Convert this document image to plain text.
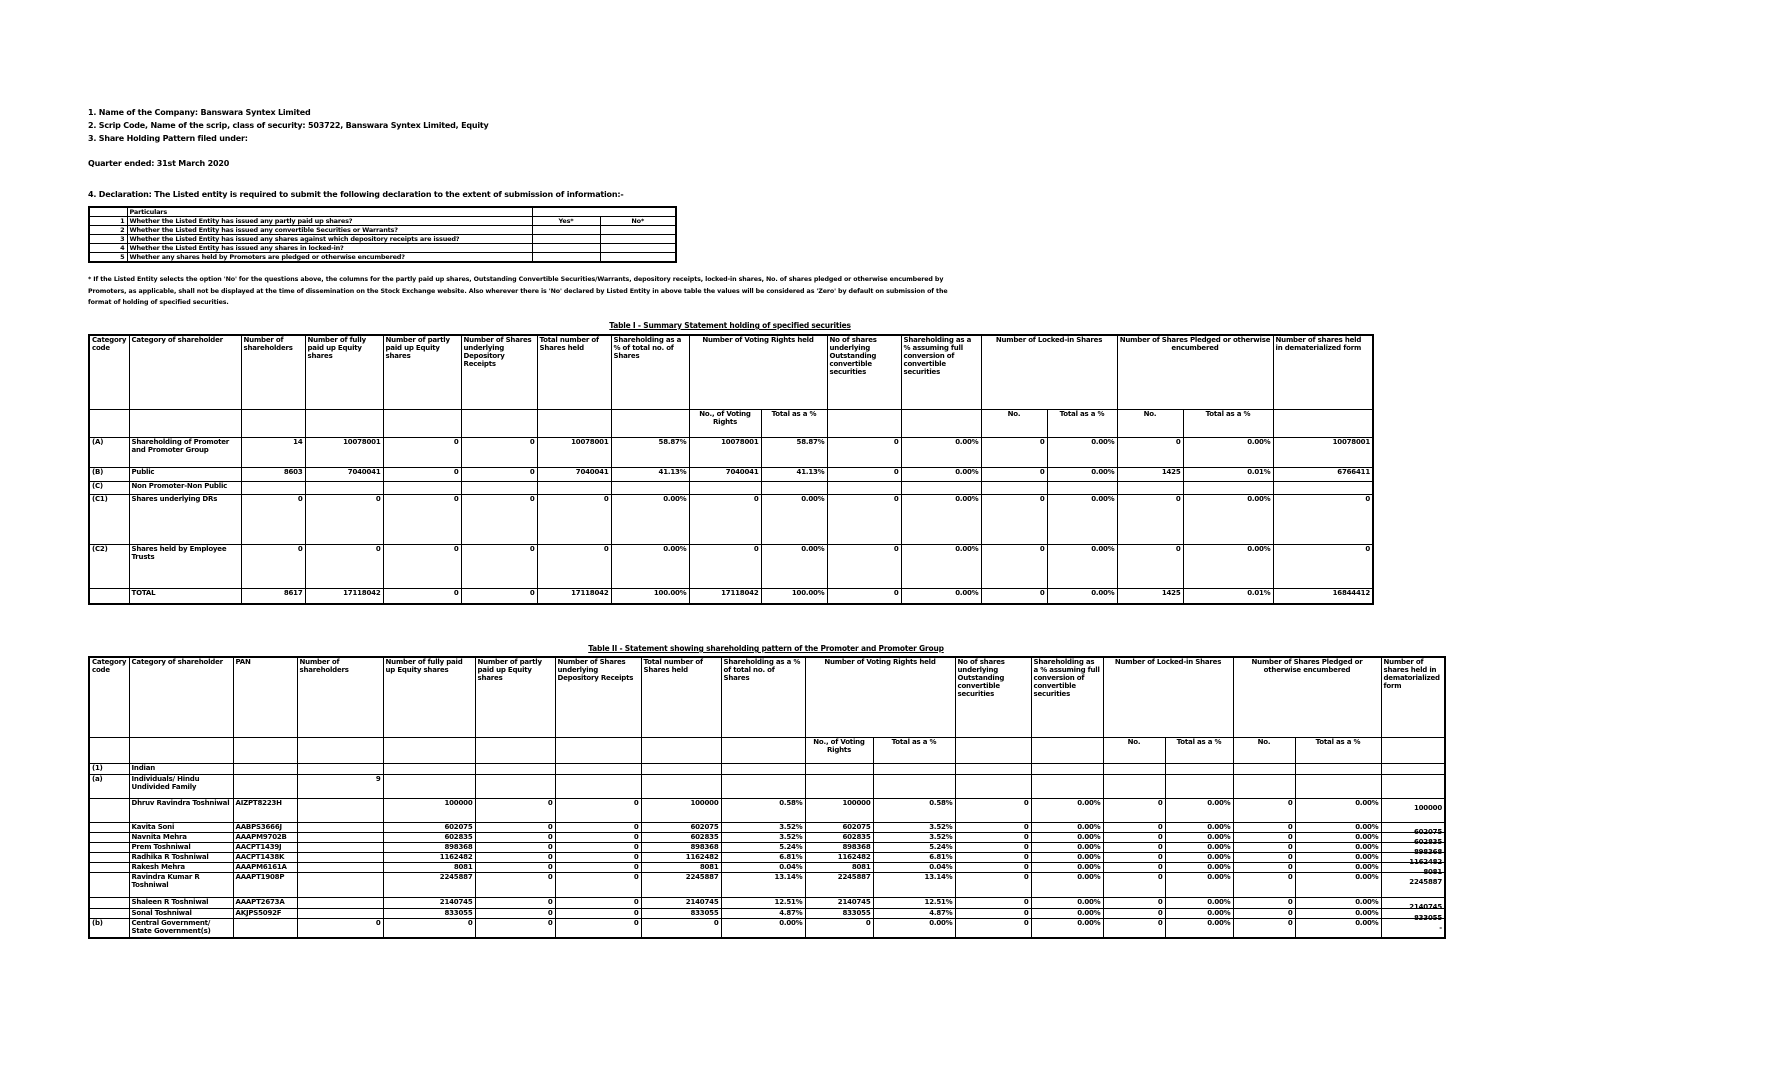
1. Name of the Company: Banswara Syntex Limited
2. Scrip Code, Name of the scrip, class of security: 503722, Banswara Syntex Limited, Equity
3. Share Holding Pattern filed under:
Quarter ended: 31st March 2020
4. Declaration: The Listed entity is required to submit the following declaration to the extent of submission of information:-
	Particulars		
1	Whether the Listed Entity has issued any partly paid up shares?	Yes*	No*
2	Whether the Listed Entity has issued any convertible Securities or Warrants?		
3	Whether the Listed Entity has issued any shares against which depository receipts are issued?		
4	Whether the Listed Entity has issued any shares in locked-in?		
5	Whether any shares held by Promoters are pledged or otherwise encumbered?		
* If the Listed Entity selects the option 'No' for the questions above, the columns for the partly paid up shares, Outstanding Convertible Securities/Warrants, depository receipts, locked-in shares, No. of shares pledged or otherwise encumbered by
Promoters, as applicable, shall not be displayed at the time of dissemination on the Stock Exchange website. Also wherever there is 'No' declared by Listed Entity in above table the values will be considered as 'Zero' by default on submission of the
format of holding of specified securities.
Table I - Summary Statement holding of specified securities
Category code	Category of shareholder	Number of shareholders	Number of fully paid up Equity shares	Number of partly paid up Equity shares	Number of Shares underlying Depository Receipts	Total number of Shares held	Shareholding as a % of total no. of Shares	Number of Voting Rights held		No of shares underlying Outstanding convertible securities	Shareholding as a % assuming full conversion of convertible securities	Number of Locked-in Shares		Number of Shares Pledged or otherwise encumbered		Number of shares held in dematerialized form
								No., of Voting Rights	Total as a %			No.	Total as a %	No.	Total as a %	
(A)	Shareholding of Promoter and Promoter Group	14	10078001	0	0	10078001	58.87%	10078001	58.87%	0	0.00%	0	0.00%	0	0.00%	10078001
(B)	Public	8603	7040041	0	0	7040041	41.13%	7040041	41.13%	0	0.00%	0	0.00%	1425	0.01%	6766411
(C)	Non Promoter-Non Public															
(C1)	Shares underlying DRs	0	0	0	0	0	0.00%	0	0.00%	0	0.00%	0	0.00%	0	0.00%	0
(C2)	Shares held by Employee Trusts	0	0	0	0	0	0.00%	0	0.00%	0	0.00%	0	0.00%	0	0.00%	0
	TOTAL	8617	17118042	0	0	17118042	100.00%	17118042	100.00%	0	0.00%	0	0.00%	1425	0.01%	16844412
Table II - Statement showing shareholding pattern of the Promoter and Promoter Group
Category code	Category of shareholder	PAN	Number of shareholders	Number of fully paid up Equity shares	Number of partly paid up Equity shares	Number of Shares underlying Depository Receipts	Total number of Shares held	Shareholding as a % of total no. of Shares	Number of Voting Rights held		No of shares underlying Outstanding convertible securities	Shareholding as a % assuming full conversion of convertible securities	Number of Locked-in Shares		Number of Shares Pledged or otherwise encumbered		Number of shares held in dematorialized form
									No., of Voting Rights	Total as a %			No.	Total as a %	No.	Total as a %	
(1)	Indian																
(a)	Individuals/ Hindu Undivided Family		9														
	Dhruv Ravindra Toshniwal	AIZPT8223H		100000	0	0	100000	0.58%	100000	0.58%	0	0.00%	0	0.00%	0	0.00%	100000
	Kavita Soni	AABPS3666J		602075	0	0	602075	3.52%	602075	3.52%	0	0.00%	0	0.00%	0	0.00%	602075
	Navnita Mehra	AAAPM9702B		602835	0	0	602835	3.52%	602835	3.52%	0	0.00%	0	0.00%	0	0.00%	602835
	Prem Toshniwal	AACPT1439J		898368	0	0	898368	5.24%	898368	5.24%	0	0.00%	0	0.00%	0	0.00%	898368
	Radhika R Toshniwal	AACPT1438K		1162482	0	0	1162482	6.81%	1162482	6.81%	0	0.00%	0	0.00%	0	0.00%	1162482
	Rakesh Mehra	AAAPM6161A		8081	0	0	8081	0.04%	8081	0.04%	0	0.00%	0	0.00%	0	0.00%	8081
	Ravindra Kumar R Toshniwal	AAAPT1908P		2245887	0	0	2245887	13.14%	2245887	13.14%	0	0.00%	0	0.00%	0	0.00%	2245887
	Shaleen R Toshniwal	AAAPT2673A		2140745	0	0	2140745	12.51%	2140745	12.51%	0	0.00%	0	0.00%	0	0.00%	2140745
	Sonal Toshniwal	AKJPS5092F		833055	0	0	833055	4.87%	833055	4.87%	0	0.00%	0	0.00%	0	0.00%	833055
(b)	Central Government/ State Government(s)		0	0	0	0	0	0.00%	0	0.00%	0	0.00%	0	0.00%	0	0.00%	-
